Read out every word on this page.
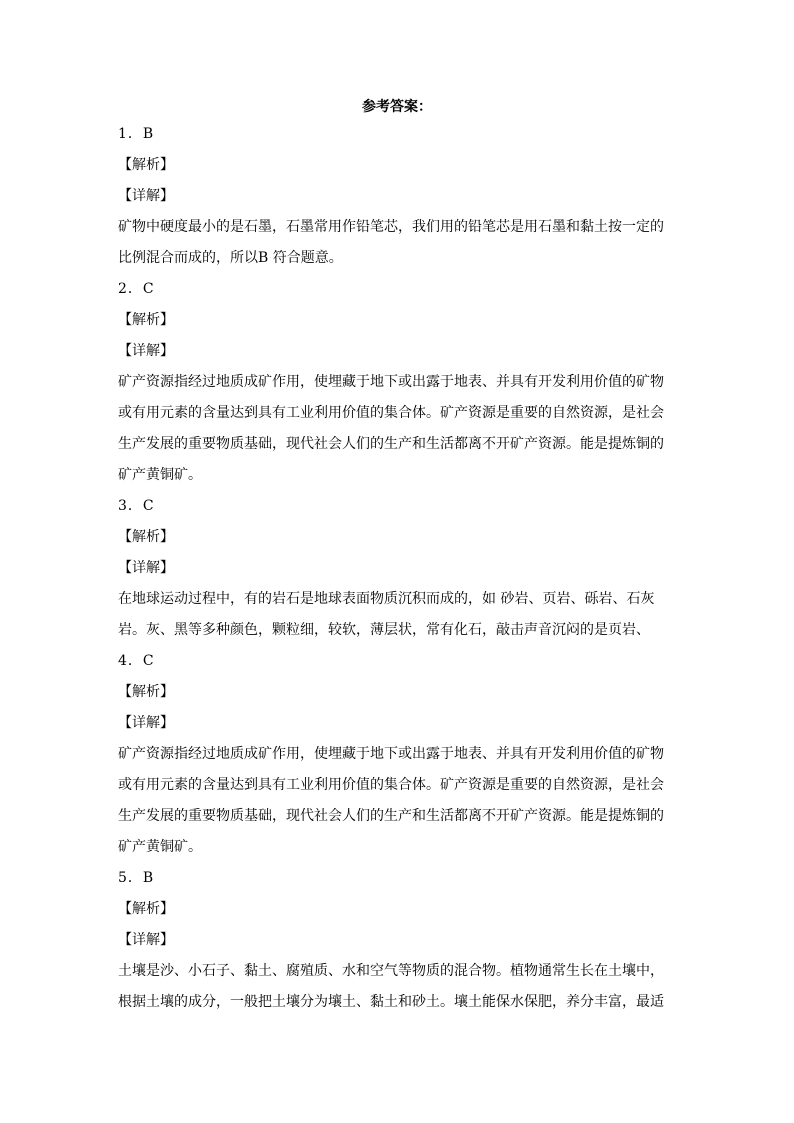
参考答案：
1．B
【解析】
【详解】
矿物中硬度最小的是石墨，石墨常用作铅笔芯，我们用的铅笔芯是用石墨和黏土按一定的
比例混合而成的，所以B 符合题意。
2．C
【解析】
【详解】
矿产资源指经过地质成矿作用，使埋藏于地下或出露于地表、并具有开发利用价值的矿物
或有用元素的含量达到具有工业利用价值的集合体。矿产资源是重要的自然资源，是社会
生产发展的重要物质基础，现代社会人们的生产和生活都离不开矿产资源。能是提炼铜的
矿产黄铜矿。
3．C
【解析】
【详解】
在地球运动过程中，有的岩石是地球表面物质沉积而成的，如 砂岩、页岩、砾岩、石灰
岩。灰、黑等多种颜色，颗粒细，较软，薄层状，常有化石，敲击声音沉闷的是页岩、
4．C
【解析】
【详解】
矿产资源指经过地质成矿作用，使埋藏于地下或出露于地表、并具有开发利用价值的矿物
或有用元素的含量达到具有工业利用价值的集合体。矿产资源是重要的自然资源，是社会
生产发展的重要物质基础，现代社会人们的生产和生活都离不开矿产资源。能是提炼铜的
矿产黄铜矿。
5．B
【解析】
【详解】
土壤是沙、小石子、黏土、腐殖质、水和空气等物质的混合物。植物通常生长在土壤中，
根据土壤的成分，一般把土壤分为壤土、黏土和砂土。壤土能保水保肥，养分丰富，最适
